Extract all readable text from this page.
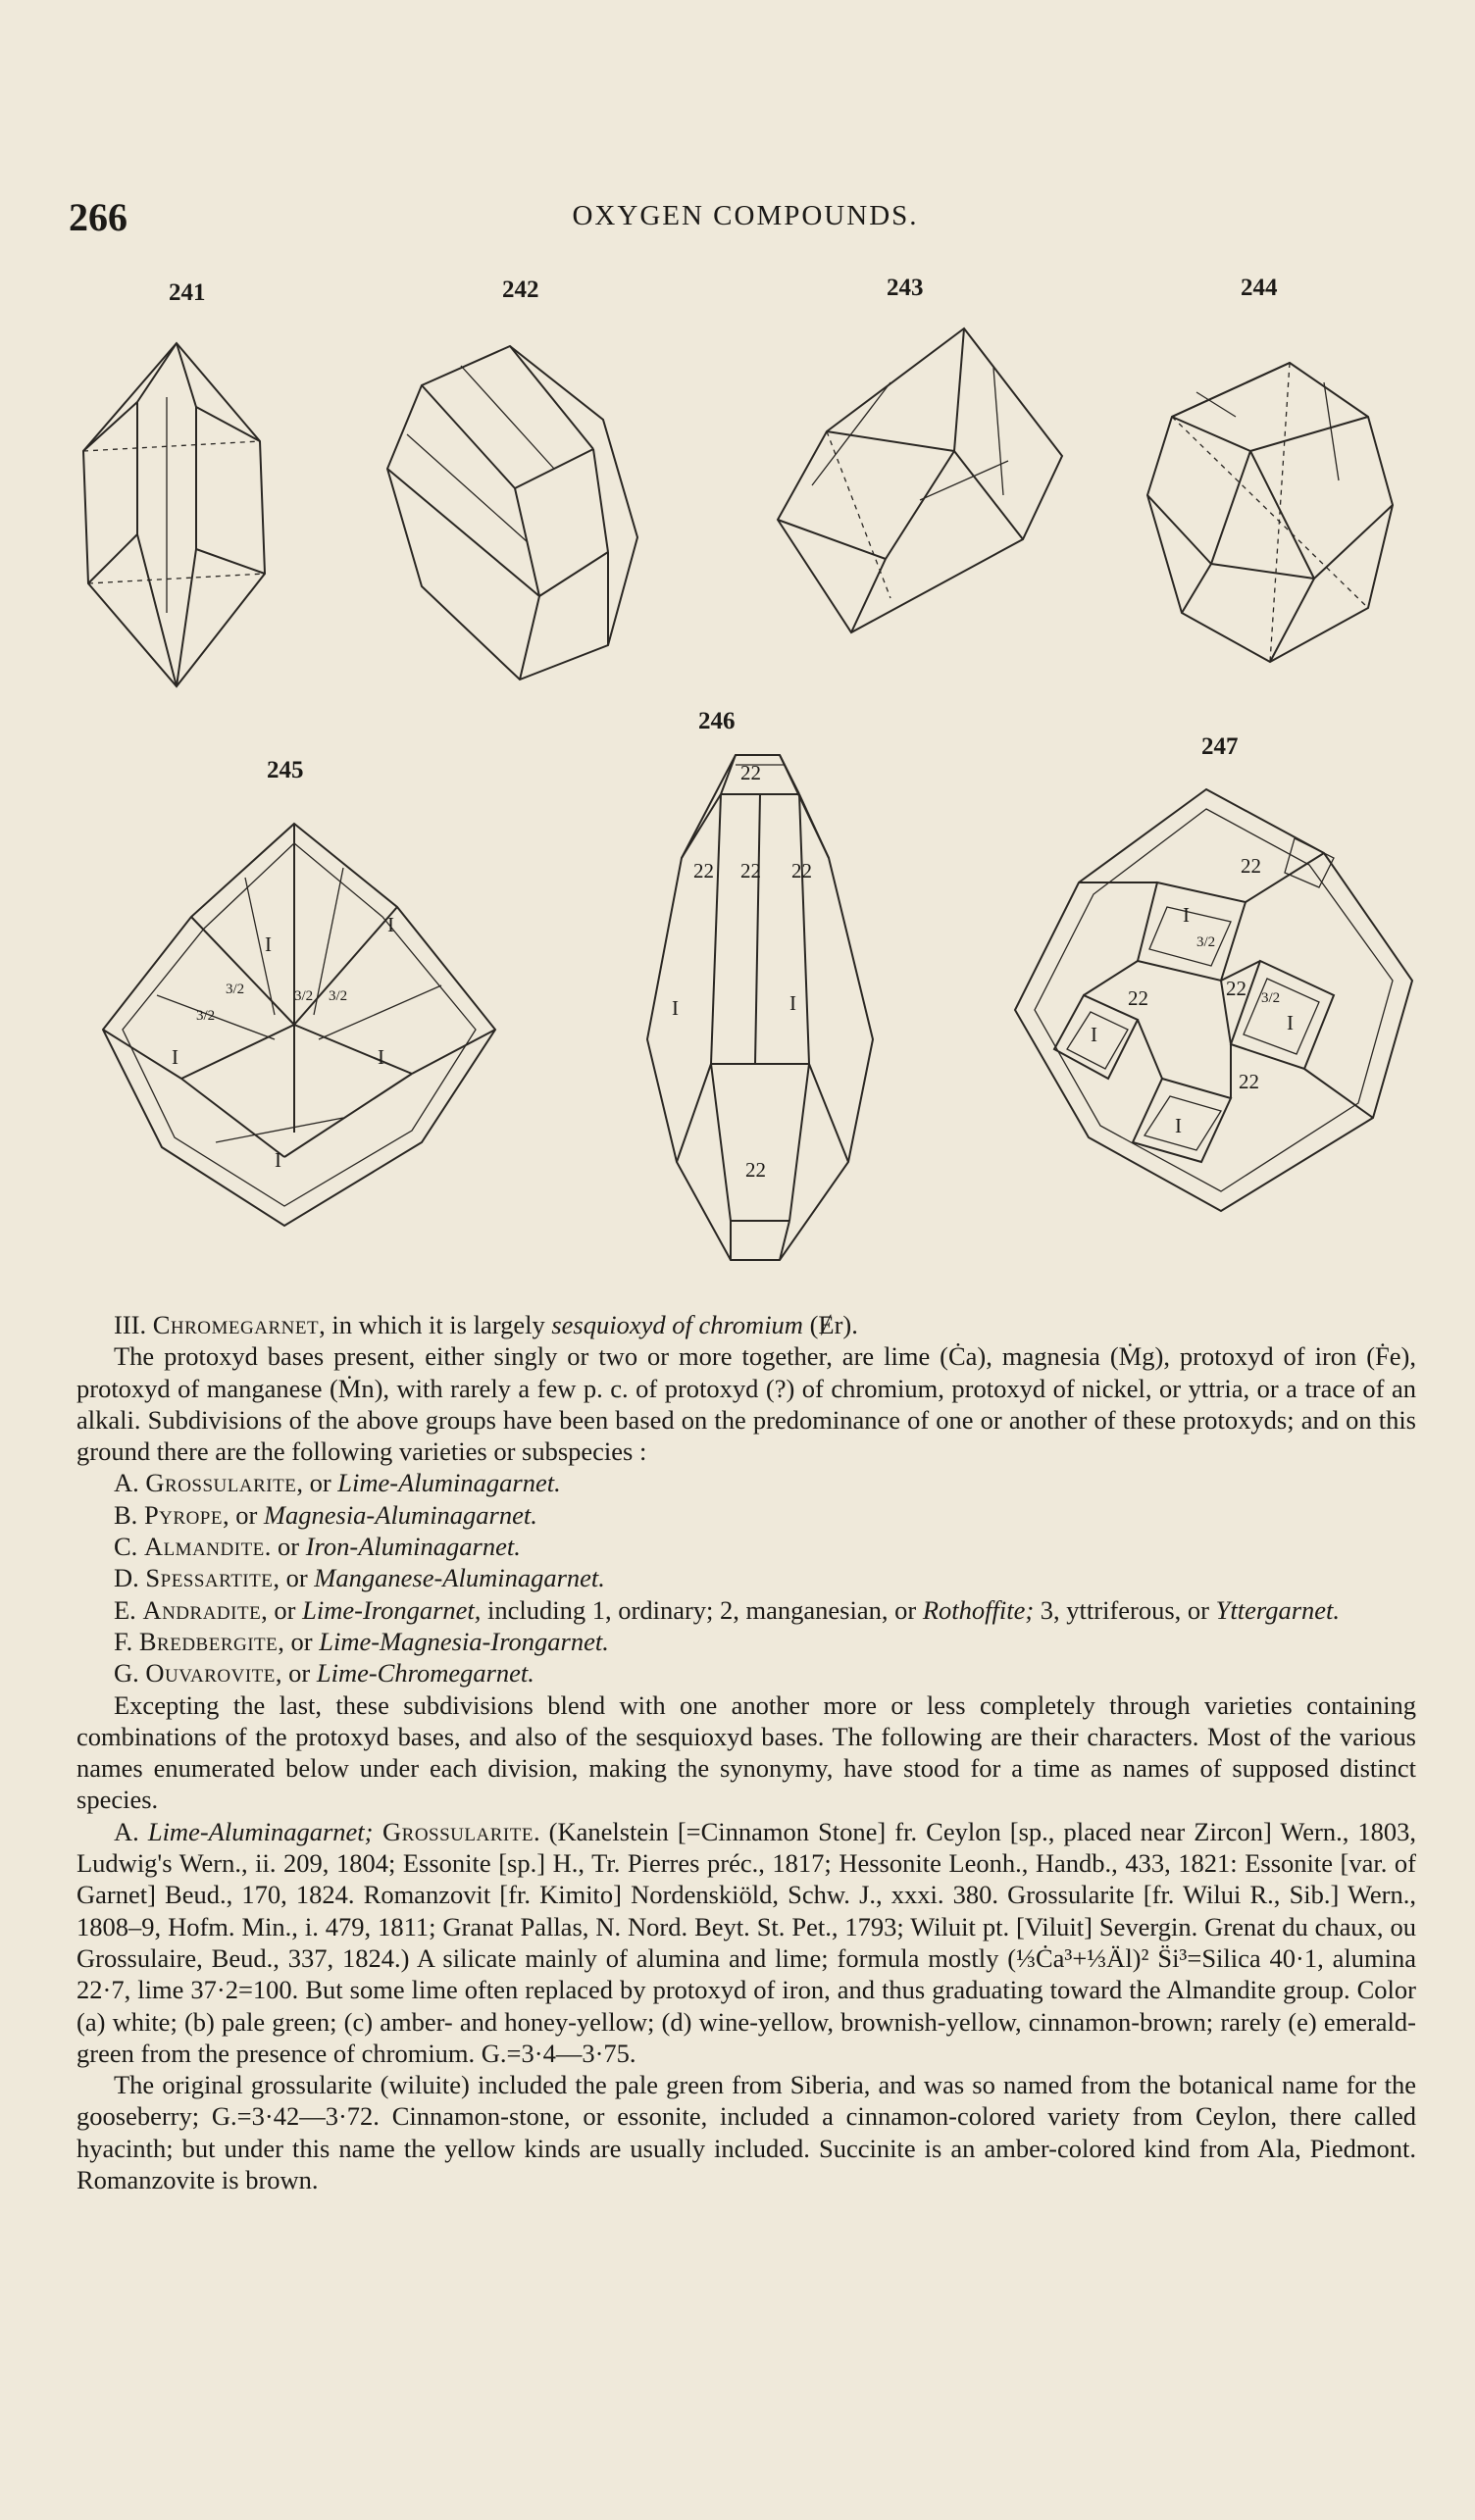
266	OXYGEN COMPOUNDS.
241	242	243	244
245
246
247
I
I
I	I
I
3/2
3/2
3/2 3/2
22
22 22 22
I	I
22
22
I
3/2
22	22 3/2
I
I
I
22

III. Chromegarnet, in which it is largely sesquioxyd of chromium (Ɇr).

The protoxyd bases present, either singly or two or more together, are lime (Ċa), magnesia (Ṁg), protoxyd of iron (Ḟe), protoxyd of manganese (Ṁn), with rarely a few p. c. of protoxyd (?) of chromium, protoxyd of nickel, or yttria, or a trace of an alkali. Subdivisions of the above groups have been based on the predominance of one or another of these protoxyds; and on this ground there are the following varieties or subspecies :

A. Grossularite, or Lime-Aluminagarnet.

B. Pyrope, or Magnesia-Aluminagarnet.

C. Almandite. or Iron-Aluminagarnet.

D. Spessartite, or Manganese-Aluminagarnet.

E. Andradite, or Lime-Irongarnet, including 1, ordinary; 2, manganesian, or Rothoffite; 3, yttriferous, or Yttergarnet.

F. Bredbergite, or Lime-Magnesia-Irongarnet.

G. Ouvarovite, or Lime-Chromegarnet.

Excepting the last, these subdivisions blend with one another more or less completely through varieties containing combinations of the protoxyd bases, and also of the sesquioxyd bases. The following are their characters. Most of the various names enumerated below under each division, making the synonymy, have stood for a time as names of supposed distinct species.

A. Lime-Aluminagarnet; Grossularite. (Kanelstein [=Cinnamon Stone] fr. Ceylon [sp., placed near Zircon] Wern., 1803, Ludwig's Wern., ii. 209, 1804; Essonite [sp.] H., Tr. Pierres préc., 1817; Hessonite Leonh., Handb., 433, 1821: Essonite [var. of Garnet] Beud., 170, 1824. Romanzovit [fr. Kimito] Nordenskiöld, Schw. J., xxxi. 380. Grossularite [fr. Wilui R., Sib.] Wern., 1808–9, Hofm. Min., i. 479, 1811; Granat Pallas, N. Nord. Beyt. St. Pet., 1793; Wiluit pt. [Viluit] Severgin. Grenat du chaux, ou Grossulaire, Beud., 337, 1824.) A silicate mainly of alumina and lime; formula mostly (⅓Ċa³+⅓Äl)² S̈i³=Silica 40·1, alumina 22·7, lime 37·2=100. But some lime often replaced by protoxyd of iron, and thus graduating toward the Almandite group. Color (a) white; (b) pale green; (c) amber- and honey-yellow; (d) wine-yellow, brownish-yellow, cinnamon-brown; rarely (e) emerald-green from the presence of chromium. G.=3·4—3·75.

The original grossularite (wiluite) included the pale green from Siberia, and was so named from the botanical name for the gooseberry; G.=3·42—3·72. Cinnamon-stone, or essonite, included a cinnamon-colored variety from Ceylon, there called hyacinth; but under this name the yellow kinds are usually included. Succinite is an amber-colored kind from Ala, Piedmont. Romanzovite is brown.
